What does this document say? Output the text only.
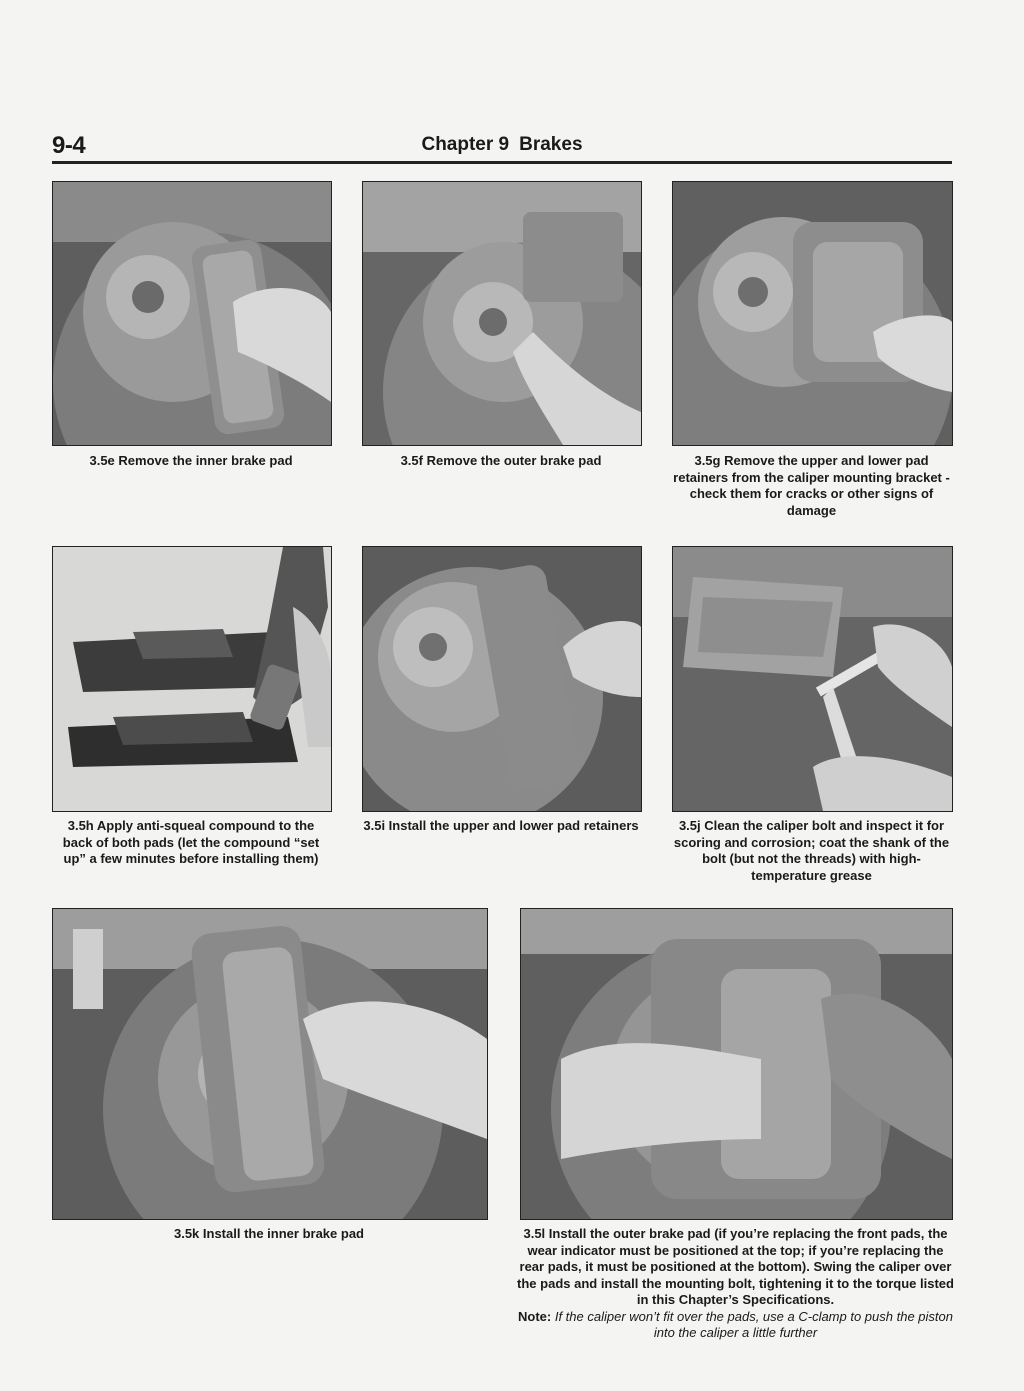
9-4	Chapter 9 Brakes
3.5e Remove the inner brake pad	3.5f Remove the outer brake pad	3.5g Remove the upper and lower pad retainers from the caliper mounting bracket - check them for cracks or other signs of damage
3.5h Apply anti-squeal compound to the back of both pads (let the compound “set up” a few minutes before installing them)
3.5i Install the upper and lower pad retainers	3.5j Clean the caliper bolt and inspect it for scoring and corrosion; coat the shank of the bolt (but not the threads) with high-temperature grease
3.5k Install the inner brake pad	3.5l Install the outer brake pad (if you’re replacing the front pads, the wear indicator must be positioned at the top; if you’re replacing the rear pads, it must be positioned at the bottom). Swing the caliper over the pads and install the mounting bolt, tightening it to the torque listed in this Chapter’s Specifications.
Note: If the caliper won’t fit over the pads, use a C-clamp to push the piston into the caliper a little further
